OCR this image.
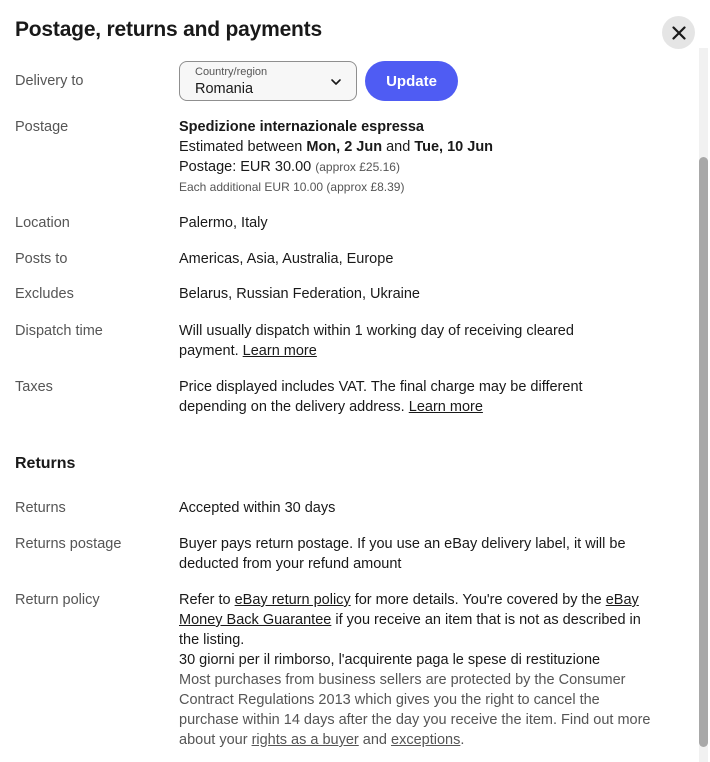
Postage, returns and payments
Delivery to
Country/region
Romania	Update
Postage	Spedizione internazionale espressa
Estimated between Mon, 2 Jun and Tue, 10 Jun
Postage: EUR 30.00 (approx £25.16)
Each additional EUR 10.00 (approx £8.39)
Location	Palermo, Italy
Posts to	Americas, Asia, Australia, Europe
Excludes	Belarus, Russian Federation, Ukraine
Dispatch time	Will usually dispatch within 1 working day of receiving cleared payment. Learn more
Taxes	Price displayed includes VAT. The final charge may be different depending on the delivery address. Learn more
Returns
Returns	Accepted within 30 days
Returns postage	Buyer pays return postage. If you use an eBay delivery label, it will be deducted from your refund amount
Return policy	Refer to eBay return policy for more details. You're covered by the eBay Money Back Guarantee if you receive an item that is not as described in the listing.
30 giorni per il rimborso, l'acquirente paga le spese di restituzione
Most purchases from business sellers are protected by the Consumer Contract Regulations 2013 which gives you the right to cancel the purchase within 14 days after the day you receive the item. Find out more about your rights as a buyer and exceptions.
